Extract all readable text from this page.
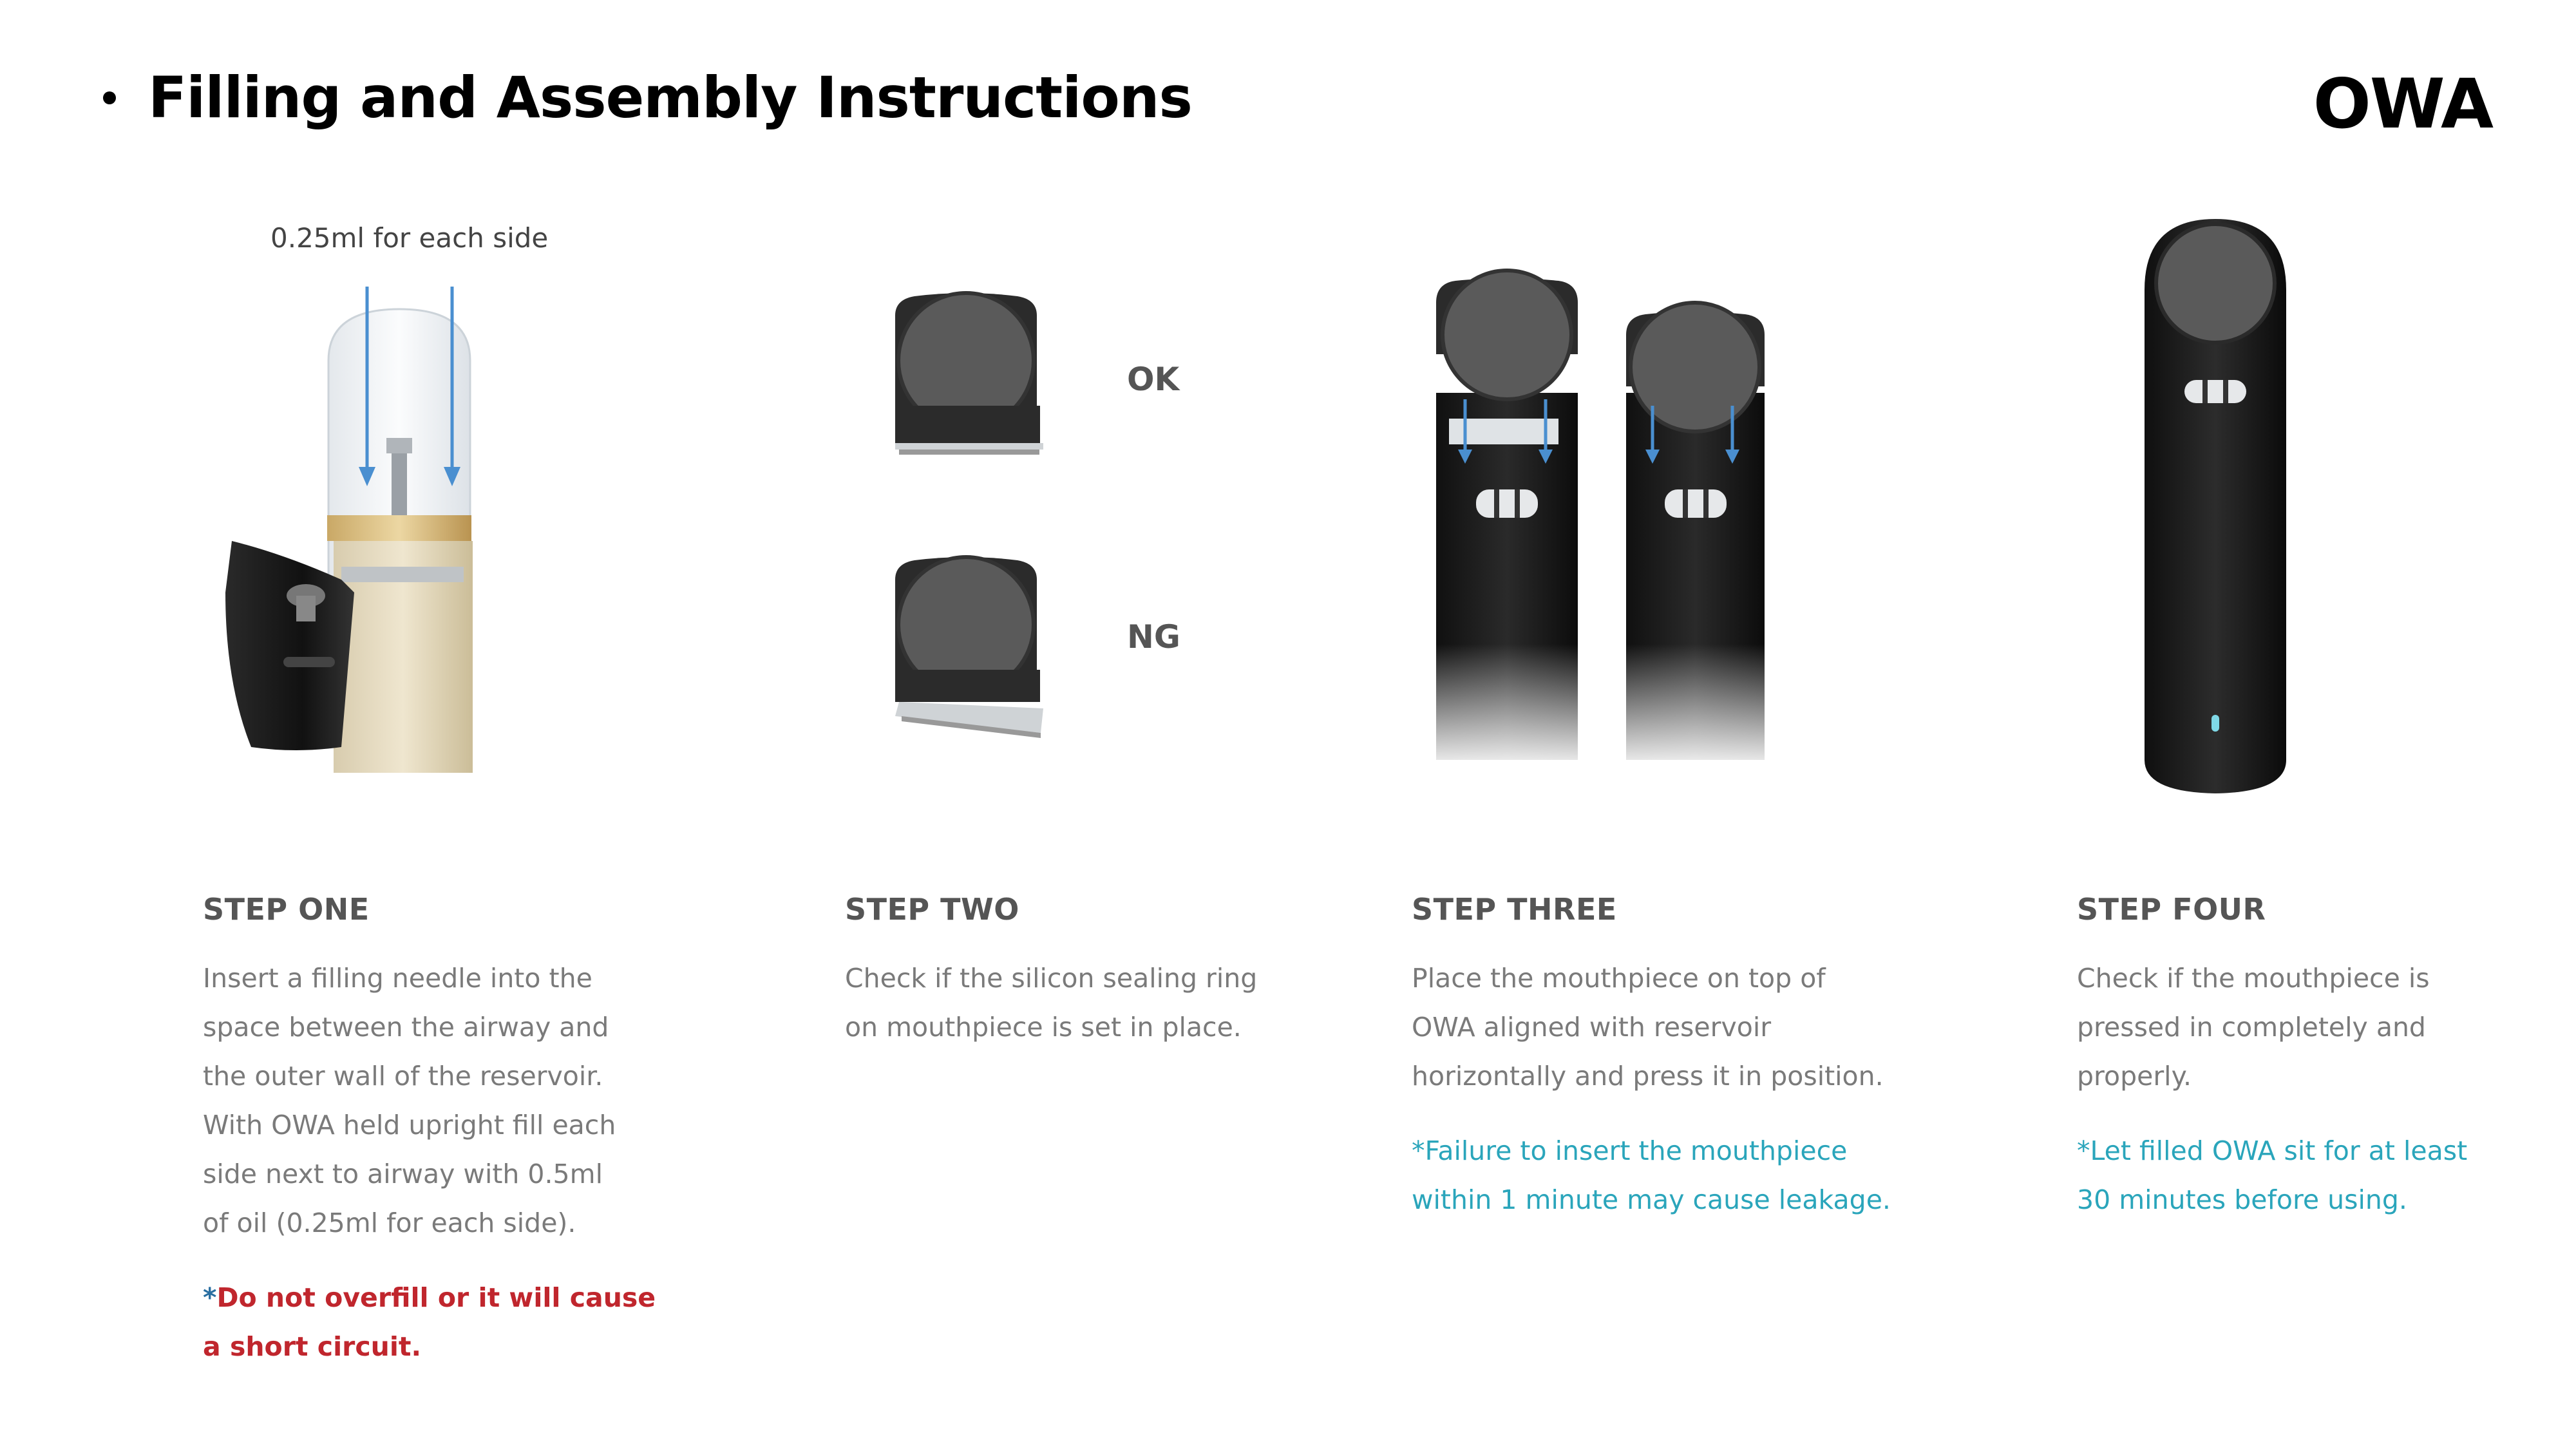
Filling and Assembly Instructions	OWA
0.25ml for each side
OK
NG
STEP ONE

Insert a filling needle into the
space between the airway and
the outer wall of the reservoir.
With OWA held upright fill each
side next to airway with 0.5ml
of oil (0.25ml for each side).

*Do not overfill or it will cause
a short circuit.

STEP TWO

Check if the silicon sealing ring
on mouthpiece is set in place.

STEP THREE

Place the mouthpiece on top of
OWA aligned with reservoir
horizontally and press it in position.

*Failure to insert the mouthpiece
within 1 minute may cause leakage.

STEP FOUR

Check if the mouthpiece is
pressed in completely and
properly.

*Let filled OWA sit for at least
30 minutes before using.
